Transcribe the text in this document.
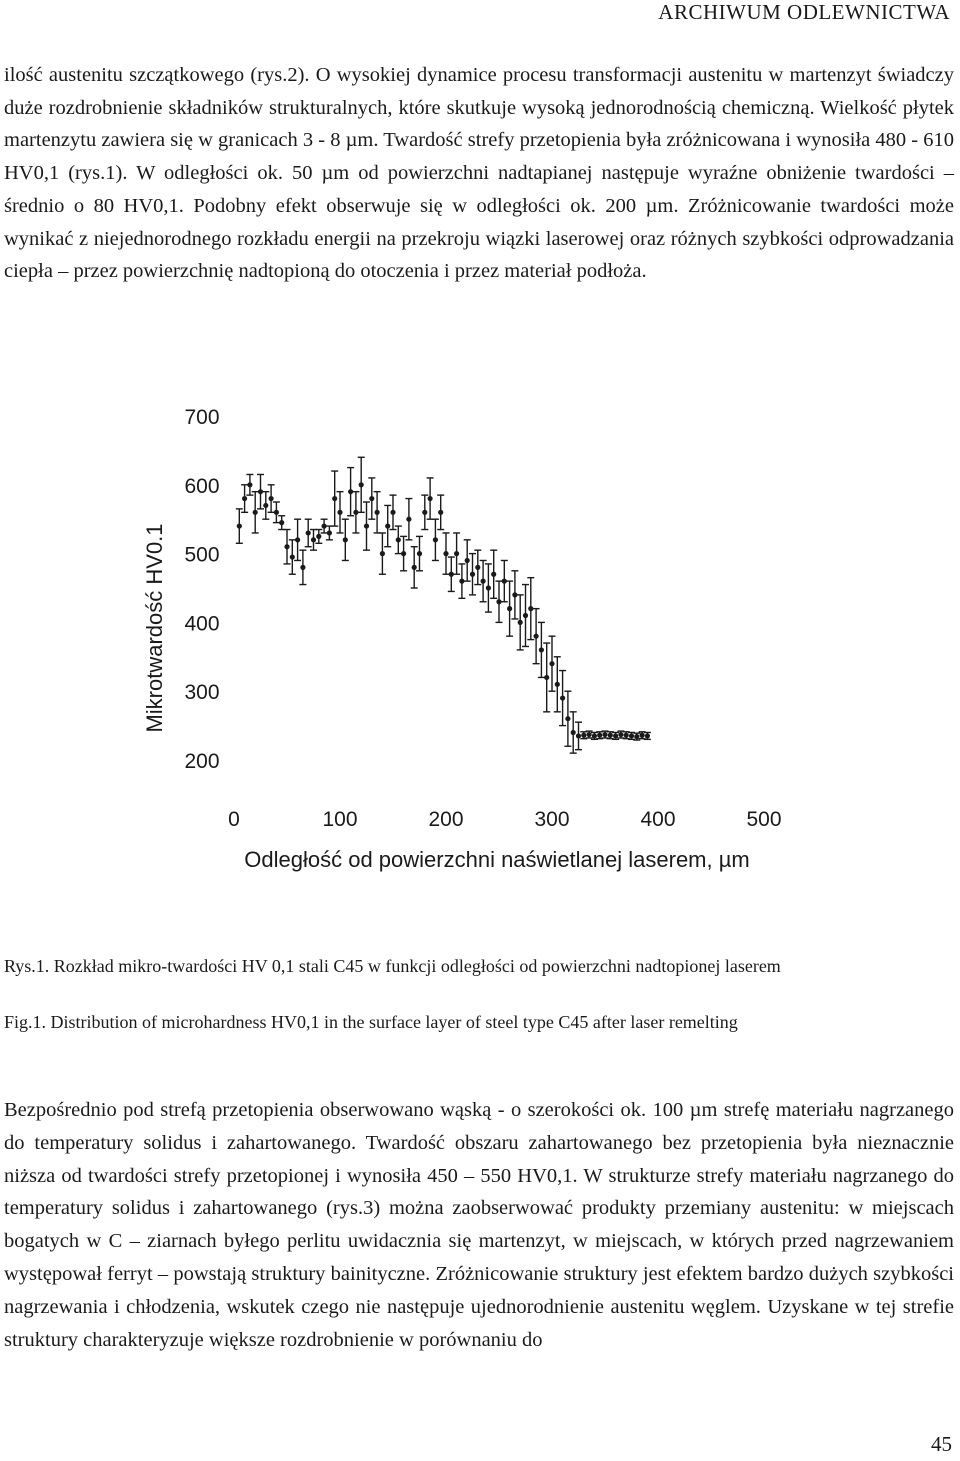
ARCHIWUM ODLEWNICTWA

ilość austenitu szczątkowego (rys.2). O wysokiej dynamice procesu transformacji austenitu w martenzyt świadczy duże rozdrobnienie składników strukturalnych, które skutkuje wysoką jednorodnością chemiczną. Wielkość płytek martenzytu zawiera się w granicach 3 - 8 µm. Twardość strefy przetopienia była zróżnicowana i wynosiła 480 - 610 HV0,1 (rys.1). W odległości ok. 50 µm od powierzchni nadtapianej następuje wyraźne obniżenie twardości – średnio o 80 HV0,1. Podobny efekt obserwuje się w odległości ok. 200 µm. Zróżnicowanie twardości może wynikać z niejednorodnego rozkładu energii na przekroju wiązki laserowej oraz różnych szybkości odprowadzania ciepła – przez powierzchnię nadtopioną do otoczenia i przez materiał podłoża.

200
300
400
500
600
700
0	100	200	300	400	500
Mikrotwardość HV0.1
Odległość od powierzchni naświetlanej laserem, µm
Rys.1. Rozkład mikro-twardości HV 0,1 stali C45 w funkcji odległości od powierzchni nadtopionej laserem
Fig.1. Distribution of microhardness HV0,1 in the surface layer of steel type C45 after laser remelting

Bezpośrednio pod strefą przetopienia obserwowano wąską - o szerokości ok. 100 µm strefę materiału nagrzanego do temperatury solidus i zahartowanego. Twardość obszaru zahartowanego bez przetopienia była nieznacznie niższa od twardości strefy przetopionej i wynosiła 450 – 550 HV0,1. W strukturze strefy materiału nagrzanego do temperatury solidus i zahartowanego (rys.3) można zaobserwować produkty przemiany austenitu: w miejscach bogatych w C – ziarnach byłego perlitu uwidacznia się martenzyt, w miejscach, w których przed nagrzewaniem występował ferryt – powstają struktury bainityczne. Zróżnicowanie struktury jest efektem bardzo dużych szybkości nagrzewania i chłodzenia, wskutek czego nie następuje ujednorodnienie austenitu węglem. Uzyskane w tej strefie struktury charakteryzuje większe rozdrobnienie w porównaniu do

45
